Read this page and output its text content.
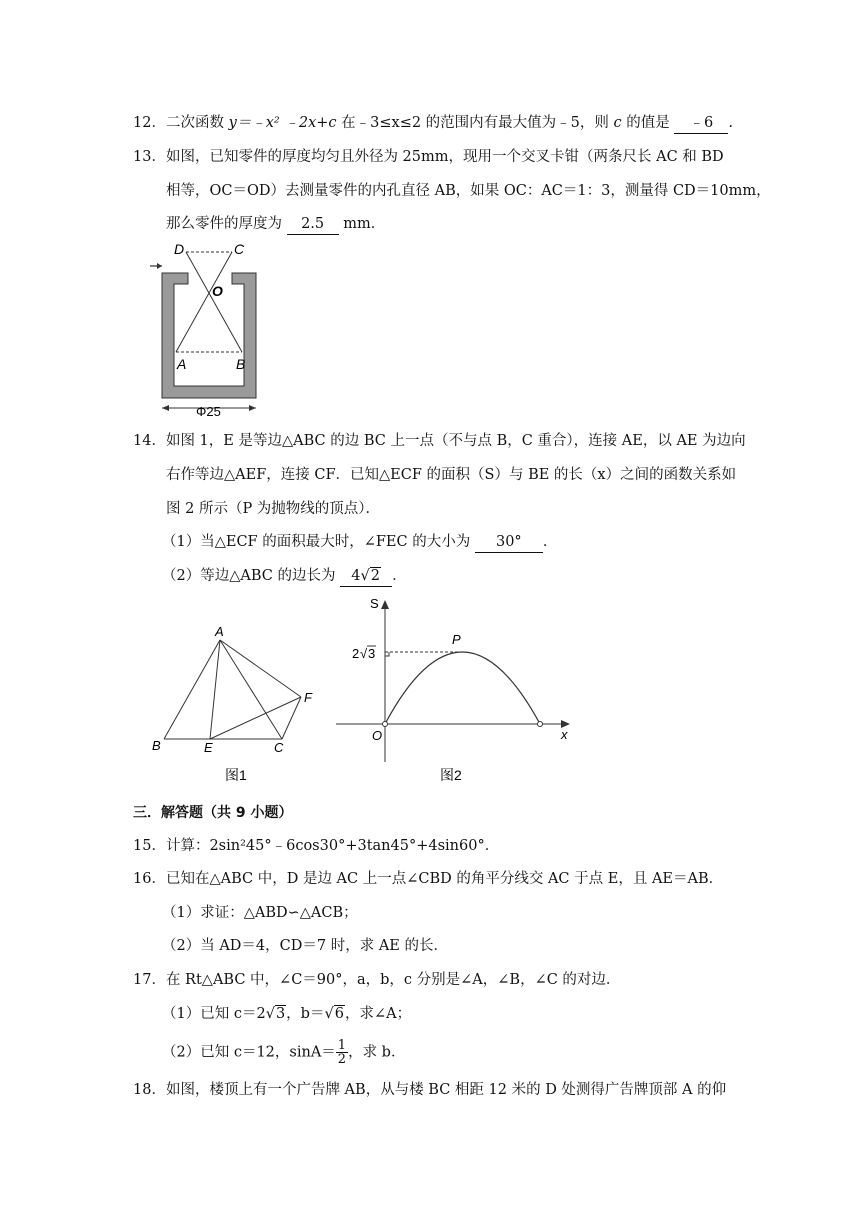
12．二次函数 y＝﹣x² ﹣2x+c 在﹣3≤x≤2 的范围内有最大值为﹣5，则 c 的值是 ﹣6 .
13．如图，已知零件的厚度均匀且外径为 25mm，现用一个交叉卡钳（两条尺长 AC 和 BD
相等，OC＝OD）去测量零件的内孔直径 AB，如果 OC：AC＝1：3，测量得 CD＝10mm，
那么零件的厚度为 2.5 mm．
D	C
O
A	B
Φ25
14．如图 1，E 是等边△ABC 的边 BC 上一点（不与点 B，C 重合），连接 AE，以 AE 为边向
右作等边△AEF，连接 CF．已知△ECF 的面积（S）与 BE 的长（x）之间的函数关系如
图 2 所示（P 为抛物线的顶点）．
（1）当△ECF 的面积最大时，∠FEC 的大小为 30° ．
（2）等边△ABC 的边长为 4√2 ．
A
B	E	C
F
图1
S
P
O	x
2 √ 3
图2
三．解答题（共 9 小题）
15．计算：2sin²45°﹣6cos30°+3tan45°+4sin60°．
16．已知在△ABC 中，D 是边 AC 上一点∠CBD 的角平分线交 AC 于点 E，且 AE＝AB．
（1）求证：△ABD∽△ACB；
（2）当 AD＝4，CD＝7 时，求 AE 的长．
17．在 Rt△ABC 中，∠C＝90°，a，b，c 分别是∠A，∠B，∠C 的对边．
（1）已知 c＝2√3，b＝√6，求∠A；
（2）已知 c＝12，$\sin A= \frac{1}{2}$ ，求 b．
18．如图，楼顶上有一个广告牌 AB，从与楼 BC 相距 12 米的 D 处测得广告牌顶部 A 的仰
